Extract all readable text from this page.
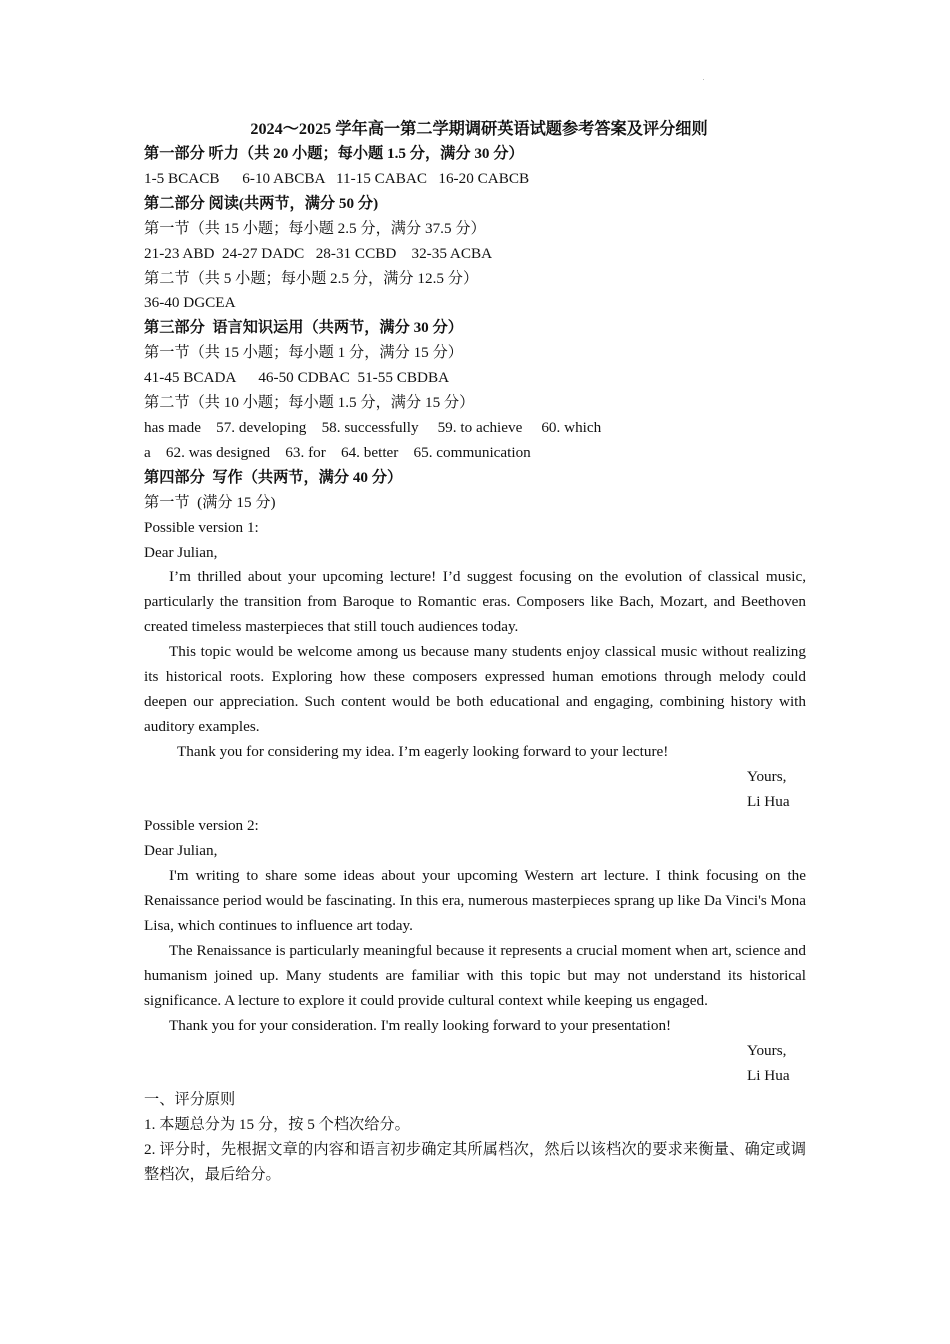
2024～2025 学年高一第二学期调研英语试题参考答案及评分细则
第一部分 听力（共 20 小题；每小题 1.5 分，满分 30 分）
1-5 BCACB      6-10 ABCBA   11-15 CABAC   16-20 CABCB
第二部分 阅读(共两节，满分 50 分)
第一节（共 15 小题；每小题 2.5 分，满分 37.5 分）
21-23 ABD  24-27 DADC   28-31 CCBD    32-35 ACBA
第二节（共 5 小题；每小题 2.5 分，满分 12.5 分）
36-40 DGCEA
第三部分  语言知识运用（共两节，满分 30 分）
第一节（共 15 小题；每小题 1 分，满分 15 分）
41-45 BCADA      46-50 CDBAC  51-55 CBDBA
第二节（共 10 小题；每小题 1.5 分，满分 15 分）
has made    57. developing    58. successfully     59. to achieve     60. which
a    62. was designed    63. for    64. better    65. communication
第四部分  写作（共两节，满分 40 分）
第一节  (满分 15 分)
Possible version 1:
Dear Julian,
I’m thrilled about your upcoming lecture! I’d suggest focusing on the evolution of classical music, particularly the transition from Baroque to Romantic eras. Composers like Bach, Mozart, and Beethoven created timeless masterpieces that still touch audiences today.
This topic would be welcome among us because many students enjoy classical music without realizing its historical roots. Exploring how these composers expressed human emotions through melody could deepen our appreciation. Such content would be both educational and engaging, combining history with auditory examples.
Thank you for considering my idea. I’m eagerly looking forward to your lecture!
Yours,
Li Hua
Possible version 2:
Dear Julian,
I'm writing to share some ideas about your upcoming Western art lecture. I think focusing on the Renaissance period would be fascinating. In this era, numerous masterpieces sprang up like Da Vinci's Mona Lisa, which continues to influence art today.
The Renaissance is particularly meaningful because it represents a crucial moment when art, science and humanism joined up. Many students are familiar with this topic but may not understand its historical significance. A lecture to explore it could provide cultural context while keeping us engaged.
Thank you for your consideration. I'm really looking forward to your presentation!
Yours,
Li Hua
一、评分原则
1. 本题总分为 15 分，按 5 个档次给分。
2. 评分时，先根据文章的内容和语言初步确定其所属档次，然后以该档次的要求来衡量、确定或调整档次，最后给分。
